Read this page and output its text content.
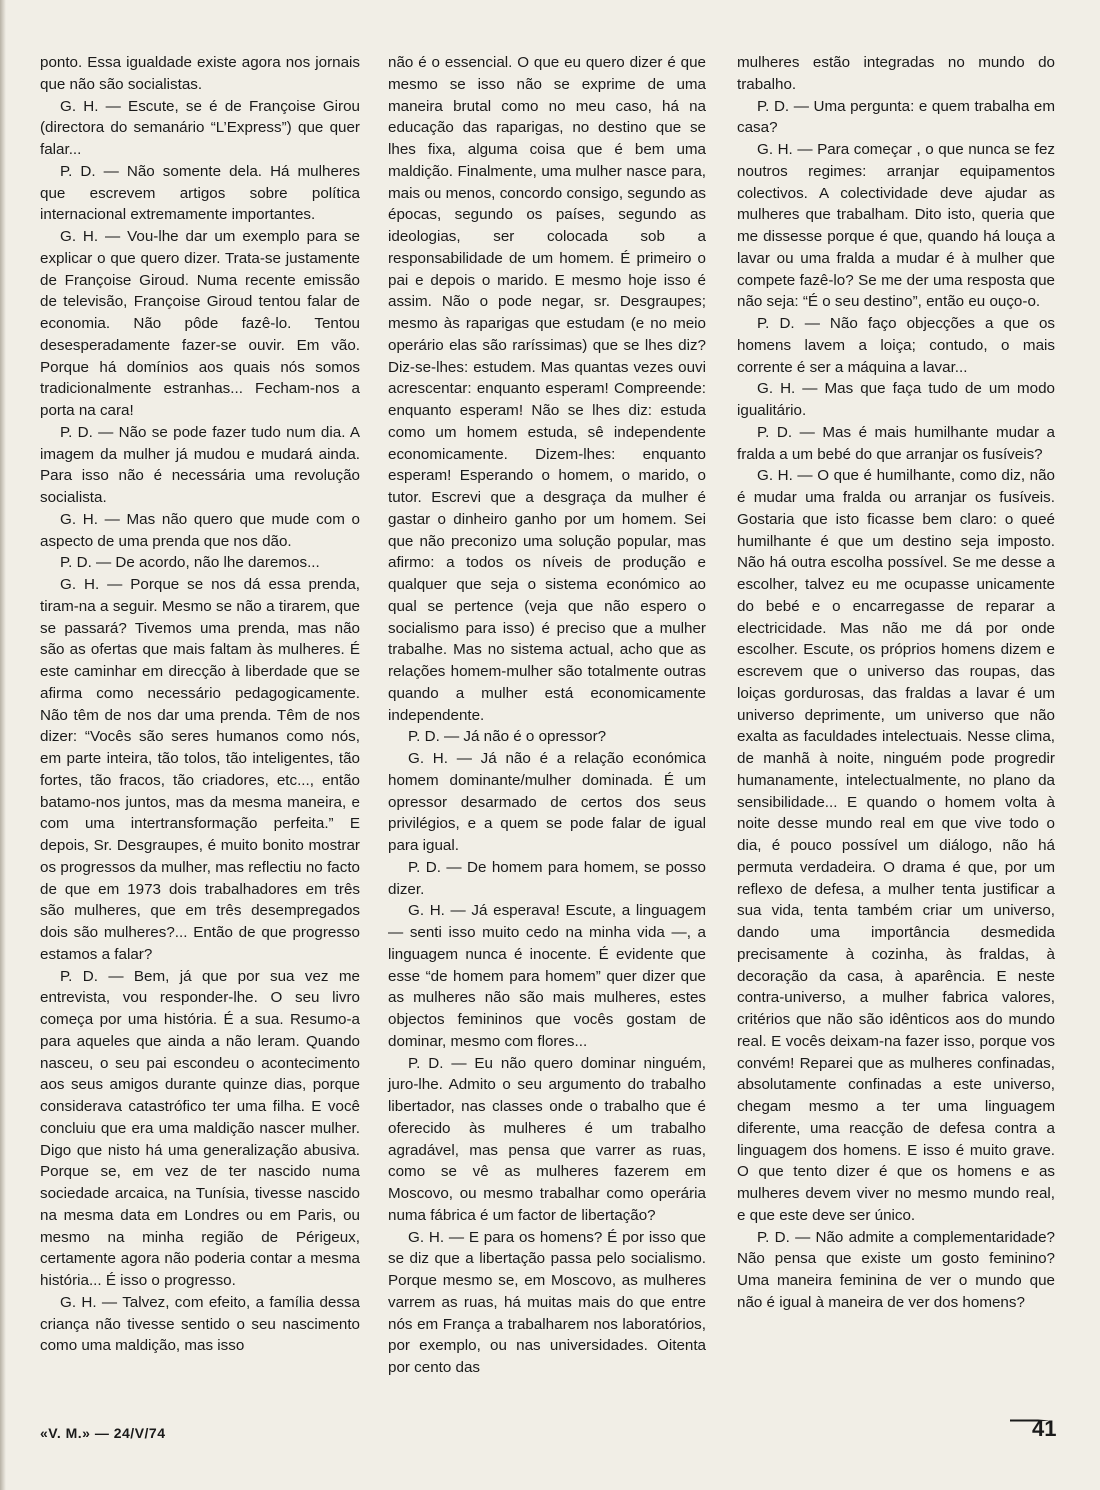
ponto. Essa igualdade existe agora nos jornais que não são socialistas.

G. H. — Escute, se é de Françoise Girou (directora do semanário “L’Express”) que quer falar...

P. D. — Não somente dela. Há mulheres que escrevem artigos sobre política internacional extremamente importantes.

G. H. — Vou-lhe dar um exemplo para se explicar o que quero dizer. Trata-se justamente de Françoise Giroud. Numa recente emissão de televisão, Françoise Giroud tentou falar de economia. Não pôde fazê-lo. Tentou desesperadamente fazer-se ouvir. Em vão. Porque há domínios aos quais nós somos tradicionalmente estranhas... Fecham-nos a porta na cara!

P. D. — Não se pode fazer tudo num dia. A imagem da mulher já mudou e mudará ainda. Para isso não é necessária uma revolução socialista.

G. H. — Mas não quero que mude com o aspecto de uma prenda que nos dão.

P. D. — De acordo, não lhe daremos...

G. H. — Porque se nos dá essa prenda, tiram-na a seguir. Mesmo se não a tirarem, que se passará? Tivemos uma prenda, mas não são as ofertas que mais faltam às mulheres. É este caminhar em direcção à liberdade que se afirma como necessário pedagogicamente. Não têm de nos dar uma prenda. Têm de nos dizer: “Vocês são seres humanos como nós, em parte inteira, tão tolos, tão inteligentes, tão fortes, tão fracos, tão criadores, etc..., então batamo-nos juntos, mas da mesma maneira, e com uma intertransformação perfeita.” E depois, Sr. Desgraupes, é muito bonito mostrar os progressos da mulher, mas reflectiu no facto de que em 1973 dois trabalhadores em três são mulheres, que em três desempregados dois são mulheres?... Então de que progresso estamos a falar?

P. D. — Bem, já que por sua vez me entrevista, vou responder-lhe. O seu livro começa por uma história. É a sua. Resumo-a para aqueles que ainda a não leram. Quando nasceu, o seu pai escondeu o acontecimento aos seus amigos durante quinze dias, porque considerava catastrófico ter uma filha. E você concluiu que era uma maldição nascer mulher. Digo que nisto há uma generalização abusiva. Porque se, em vez de ter nascido numa sociedade arcaica, na Tunísia, tivesse nascido na mesma data em Londres ou em Paris, ou mesmo na minha região de Périgeux, certamente agora não poderia contar a mesma história... É isso o progresso.

G. H. — Talvez, com efeito, a família dessa criança não tivesse sentido o seu nascimento como uma maldição, mas isso

não é o essencial. O que eu quero dizer é que mesmo se isso não se exprime de uma maneira brutal como no meu caso, há na educação das raparigas, no destino que se lhes fixa, alguma coisa que é bem uma maldição. Finalmente, uma mulher nasce para, mais ou menos, concordo consigo, segundo as épocas, segundo os países, segundo as ideologias, ser colocada sob a responsabilidade de um homem. É primeiro o pai e depois o marido. E mesmo hoje isso é assim. Não o pode negar, sr. Desgraupes; mesmo às raparigas que estudam (e no meio operário elas são raríssimas) que se lhes diz? Diz-se-lhes: estudem. Mas quantas vezes ouvi acrescentar: enquanto esperam! Compreende: enquanto esperam! Não se lhes diz: estuda como um homem estuda, sê independente economicamente. Dizem-lhes: enquanto esperam! Esperando o homem, o marido, o tutor. Escrevi que a desgraça da mulher é gastar o dinheiro ganho por um homem. Sei que não preconizo uma solução popular, mas afirmo: a todos os níveis de produção e qualquer que seja o sistema económico ao qual se pertence (veja que não espero o socialismo para isso) é preciso que a mulher trabalhe. Mas no sistema actual, acho que as relações homem-mulher são totalmente outras quando a mulher está economicamente independente.

P. D. — Já não é o opressor?

G. H. — Já não é a relação económica homem dominante/mulher dominada. É um opressor desarmado de certos dos seus privilégios, e a quem se pode falar de igual para igual.

P. D. — De homem para homem, se posso dizer.

G. H. — Já esperava! Escute, a linguagem — senti isso muito cedo na minha vida —, a linguagem nunca é inocente. É evidente que esse “de homem para homem” quer dizer que as mulheres não são mais mulheres, estes objectos femininos que vocês gostam de dominar, mesmo com flores...

P. D. — Eu não quero dominar ninguém, juro-lhe. Admito o seu argumento do trabalho libertador, nas classes onde o trabalho que é oferecido às mulheres é um trabalho agradável, mas pensa que varrer as ruas, como se vê as mulheres fazerem em Moscovo, ou mesmo trabalhar como operária numa fábrica é um factor de libertação?

G. H. — E para os homens? É por isso que se diz que a libertação passa pelo socialismo. Porque mesmo se, em Moscovo, as mulheres varrem as ruas, há muitas mais do que entre nós em França a trabalharem nos laboratórios, por exemplo, ou nas universidades. Oitenta por cento das

mulheres estão integradas no mundo do trabalho.

P. D. — Uma pergunta: e quem trabalha em casa?

G. H. — Para começar , o que nunca se fez noutros regimes: arranjar equipamentos colectivos. A colectividade deve ajudar as mulheres que trabalham. Dito isto, queria que me dissesse porque é que, quando há louça a lavar ou uma fralda a mudar é à mulher que compete fazê-lo? Se me der uma resposta que não seja: “É o seu destino”, então eu ouço-o.

P. D. — Não faço objecções a que os homens lavem a loiça; contudo, o mais corrente é ser a máquina a lavar...

G. H. — Mas que faça tudo de um modo igualitário.

P. D. — Mas é mais humilhante mudar a fralda a um bebé do que arranjar os fusíveis?

G. H. — O que é humilhante, como diz, não é mudar uma fralda ou arranjar os fusíveis. Gostaria que isto ficasse bem claro: o queé humilhante é que um destino seja imposto. Não há outra escolha possível. Se me desse a escolher, talvez eu me ocupasse unicamente do bebé e o encarregasse de reparar a electricidade. Mas não me dá por onde escolher. Escute, os próprios homens dizem e escrevem que o universo das roupas, das loiças gordurosas, das fraldas a lavar é um universo deprimente, um universo que não exalta as faculdades intelectuais. Nesse clima, de manhã à noite, ninguém pode progredir humanamente, intelectualmente, no plano da sensibilidade... E quando o homem volta à noite desse mundo real em que vive todo o dia, é pouco possível um diálogo, não há permuta verdadeira. O drama é que, por um reflexo de defesa, a mulher tenta justificar a sua vida, tenta também criar um universo, dando uma importância desmedida precisamente à cozinha, às fraldas, à decoração da casa, à aparência. E neste contra-universo, a mulher fabrica valores, critérios que não são idênticos aos do mundo real. E vocês deixam-na fazer isso, porque vos convém! Reparei que as mulheres confinadas, absolutamente confinadas a este universo, chegam mesmo a ter uma linguagem diferente, uma reacção de defesa contra a linguagem dos homens. E isso é muito grave. O que tento dizer é que os homens e as mulheres devem viver no mesmo mundo real, e que este deve ser único.

P. D. — Não admite a complementaridade? Não pensa que existe um gosto feminino? Uma maneira feminina de ver o mundo que não é igual à maneira de ver dos homens?

«V. M.» — 24/V/74	41
